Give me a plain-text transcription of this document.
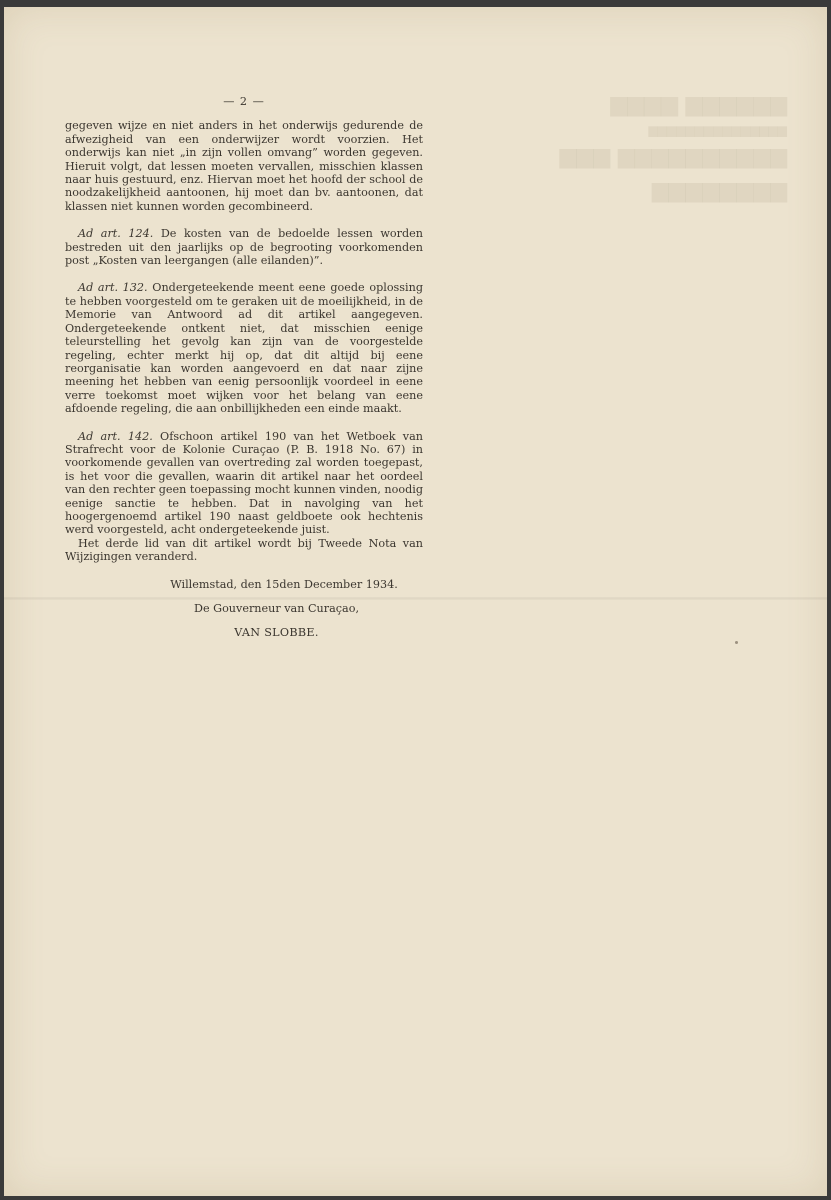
▆▆▆▆▆▆ ▆▆▆▆
▆▆▆▆▆▆▆▆▆▆▆▆▆▆▆
▆▆▆▆▆▆▆▆▆▆ ▆▆▆
▆▆▆▆▆▆▆▆
— 2 —

gegeven wijze en niet anders in het onderwijs gedurende de afwezigheid van een onderwijzer wordt voorzien. Het onderwijs kan niet „in zijn vollen omvang” worden gegeven. Hieruit volgt, dat lessen moeten vervallen, misschien klassen naar huis gestuurd, enz. Hiervan moet het hoofd der school de noodzakelijkheid aantoonen, hij moet dan bv. aantoonen, dat klassen niet kunnen worden gecombineerd.

Ad art. 124. De kosten van de bedoelde lessen worden bestreden uit den jaarlijks op de begrooting voorkomenden post „Kosten van leergangen (alle eilanden)”.

Ad art. 132. Ondergeteekende meent eene goede oplossing te hebben voorgesteld om te geraken uit de moeilijkheid, in de Memorie van Antwoord ad dit artikel aangegeven. Ondergeteekende ontkent niet, dat misschien eenige teleurstelling het gevolg kan zijn van de voorgestelde regeling, echter merkt hij op, dat dit altijd bij eene reorganisatie kan worden aangevoerd en dat naar zijne meening het hebben van eenig persoonlijk voordeel in eene verre toekomst moet wijken voor het belang van eene afdoende regeling, die aan onbillijkheden een einde maakt.

Ad art. 142. Ofschoon artikel 190 van het Wetboek van Strafrecht voor de Kolonie Curaçao (P. B. 1918 No. 67) in voorkomende gevallen van overtreding zal worden toegepast, is het voor die gevallen, waarin dit artikel naar het oordeel van den rechter geen toepassing mocht kunnen vinden, noodig eenige sanctie te hebben. Dat in navolging van het hoogergenoemd artikel 190 naast geldboete ook hechtenis werd voorgesteld, acht ondergeteekende juist.

Het derde lid van dit artikel wordt bij Tweede Nota van Wijzigingen veranderd.

Willemstad, den 15den December 1934.

De Gouverneur van Curaçao,

VAN SLOBBE.
